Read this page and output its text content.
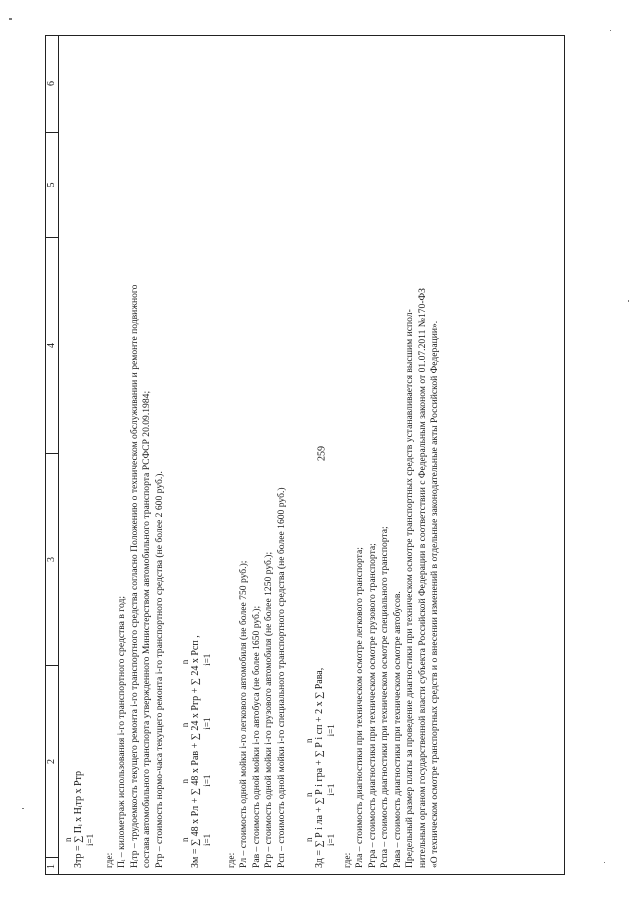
259
1
2
3
4
5
6

n Зтр = ∑ Пᵢ х Нᵢтр х Ртр i=1

где: Пᵢ – километраж использования i-го транспортного средства в год; Нᵢтр – трудоемкость текущего ремонта i-го транспортного средства согласно Положению о техническом обслуживании и ремонте подвижного состава автомобильного транспорта утвержденного Министерством автомобильного транспорта РСФСР 20.09.1984; Ртр – стоимость нормо-часа текущего ремонта i-го транспортного средства (не более 2 600 руб.). n                        n                       n                          n Зм = ∑ 48 х Рл + ∑ 48 х Рав + ∑ 24 х Ргр + ∑ 24 х Рсп , i=1                     i=1                    i=1                       i=1

где: Рл – стоимость одной мойки i-го легкового автомобиля (не более 750 руб.); Рав – стоимость одной мойки i-го автобуса (не более 1650 руб.); Ргр – стоимость одной мойки i-го грузового автомобиля (не более 1250 руб.); Рсп – стоимость одной мойки i-го специального транспортного средства (не более 1600 руб.) n                  n                      n Зд = ∑ Р i ла + ∑ Р i гра + ∑ Р i сп + 2 х ∑ Рава, i=1                 i=1                     i=1

где: Рла – стоимость диагностики при техническом осмотре легкового транспорта; Ргра – стоимость диагностики при техническом осмотре грузового транспорта; Рспа – стоимость диагностики при техническом осмотре специального транспорта; Рава – стоимость диагностики при техническом осмотре автобусов. Предельный размер платы за проведение диагностики при техническом осмотре транспортных средств устанавливается высшим испол- нительным органом государственной власти субъекта Российской Федерации в соответствии с Федеральным законом от 01.07.2011 №170-ФЗ «О техническом осмотре транспортных средств и о внесении изменений в отдельные законодательные акты Российской Федерации».
